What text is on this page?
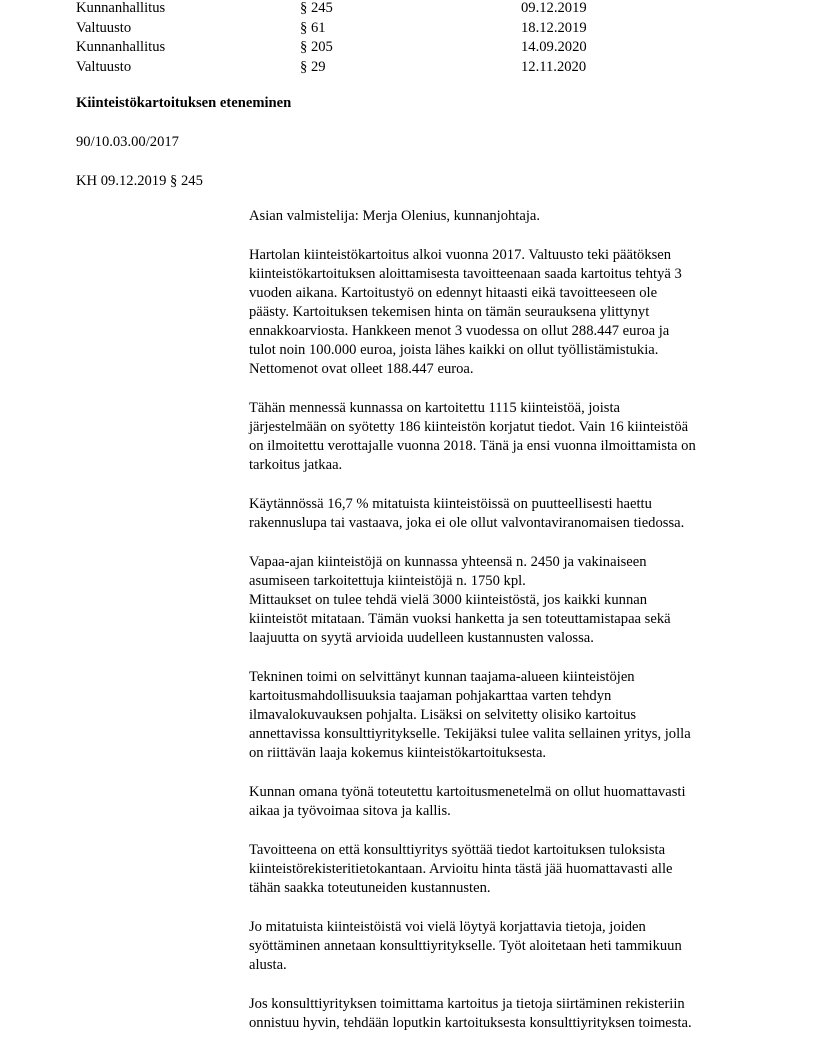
Kunnanhallitus	§ 245	09.12.2019
Valtuusto	§ 61	18.12.2019
Kunnanhallitus	§ 205	14.09.2020
Valtuusto	§ 29	12.11.2020
Kiinteistökartoituksen eteneminen
90/10.03.00/2017
KH 09.12.2019 § 245

Asian valmistelija: Merja Olenius, kunnanjohtaja.

Hartolan kiinteistökartoitus alkoi vuonna 2017. Valtuusto teki päätöksen
kiinteistökartoituksen aloittamisesta tavoitteenaan saada kartoitus tehtyä 3
vuoden aikana. Kartoitustyö on edennyt hitaasti eikä tavoitteeseen ole
päästy. Kartoituksen tekemisen hinta on tämän seurauksena ylittynyt
ennakkoarviosta. Hankkeen menot 3 vuodessa on ollut 288.447 euroa ja
tulot noin 100.000 euroa, joista lähes kaikki on ollut työllistämistukia.
Nettomenot ovat olleet 188.447 euroa.

Tähän mennessä kunnassa on kartoitettu 1115 kiinteistöä, joista
järjestelmään on syötetty 186 kiinteistön korjatut tiedot. Vain 16 kiinteistöä
on ilmoitettu verottajalle vuonna 2018. Tänä ja ensi vuonna ilmoittamista on
tarkoitus jatkaa.

Käytännössä 16,7 % mitatuista kiinteistöissä on puutteellisesti haettu
rakennuslupa tai vastaava, joka ei ole ollut valvontaviranomaisen tiedossa.

Vapaa-ajan kiinteistöjä on kunnassa yhteensä n. 2450 ja vakinaiseen
asumiseen tarkoitettuja kiinteistöjä n. 1750 kpl.
Mittaukset on tulee tehdä vielä 3000 kiinteistöstä, jos kaikki kunnan
kiinteistöt mitataan. Tämän vuoksi hanketta ja sen toteuttamistapaa sekä
laajuutta on syytä arvioida uudelleen kustannusten valossa.

Tekninen toimi on selvittänyt kunnan taajama-alueen kiinteistöjen
kartoitusmahdollisuuksia taajaman pohjakarttaa varten tehdyn
ilmavalokuvauksen pohjalta. Lisäksi on selvitetty olisiko kartoitus
annettavissa konsulttiyritykselle. Tekijäksi tulee valita sellainen yritys, jolla
on riittävän laaja kokemus kiinteistökartoituksesta.

Kunnan omana työnä toteutettu kartoitusmenetelmä on ollut huomattavasti
aikaa ja työvoimaa sitova ja kallis.

Tavoitteena on että konsulttiyritys syöttää tiedot kartoituksen tuloksista
kiinteistörekisteritietokantaan. Arvioitu hinta tästä jää huomattavasti alle
tähän saakka toteutuneiden kustannusten.

Jo mitatuista kiinteistöistä voi vielä löytyä korjattavia tietoja, joiden
syöttäminen annetaan konsulttiyritykselle. Työt aloitetaan heti tammikuun
alusta.

Jos konsulttiyrityksen toimittama kartoitus ja tietoja siirtäminen rekisteriin
onnistuu hyvin, tehdään loputkin kartoituksesta konsulttiyrityksen toimesta.
